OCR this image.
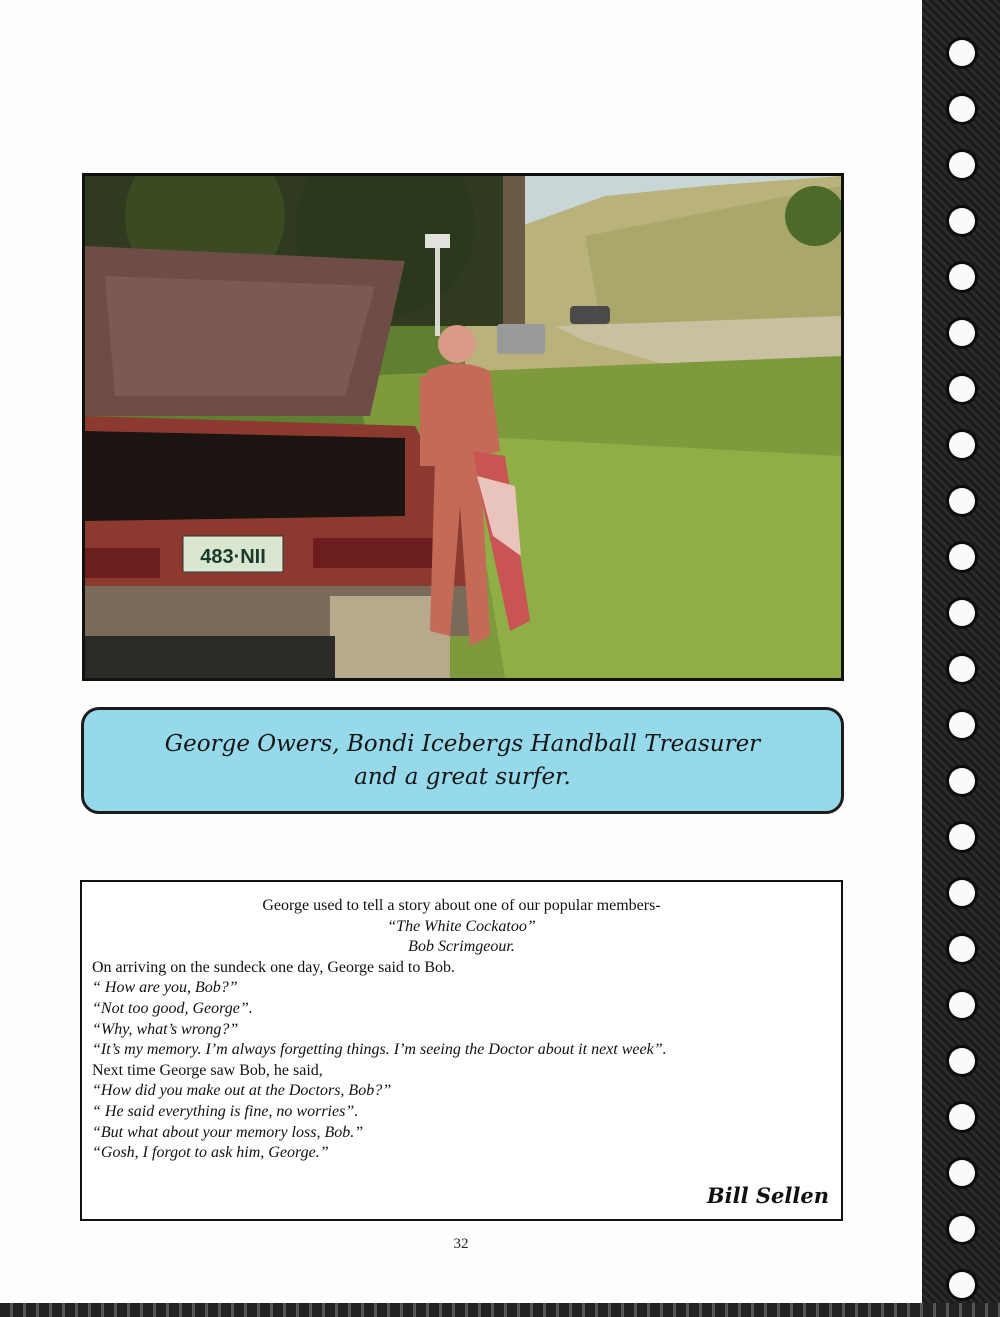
483·NII
George Owers, Bondi Icebergs Handball Treasurer
and a great surfer.

George used to tell a story about one of our popular members-

“The White Cockatoo”

Bob Scrimgeour.

On arriving on the sundeck one day, George said to Bob.

“ How are you, Bob?”

“Not too good, George”.

“Why, what’s wrong?”

“It’s my memory. I’m always forgetting things. I’m seeing the Doctor about it next week”.

Next time George saw Bob, he said,

“How did you make out at the Doctors, Bob?”

“ He said everything is fine, no worries”.

“But what about your memory loss, Bob.”

“Gosh, I forgot to ask him, George.”

Bill Sellen
32
